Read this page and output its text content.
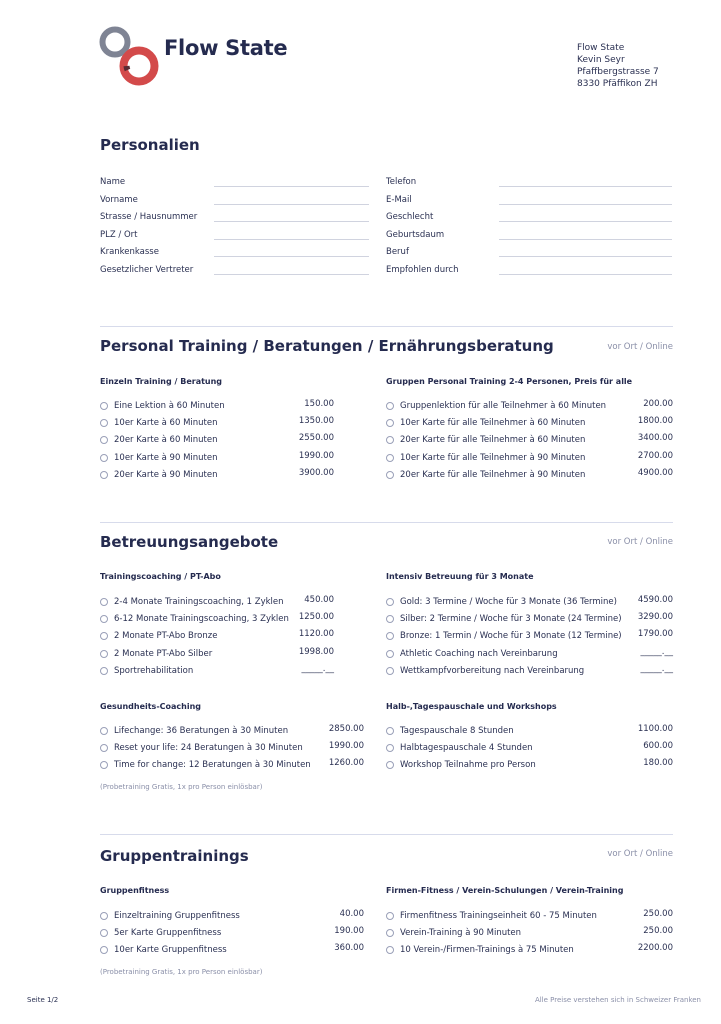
Flow State	Flow State
Kevin Seyr
Pfaffbergstrasse 7
8330 Pfäffikon ZH
Personalien
Name
Vorname
Strasse / Hausnummer
PLZ / Ort
Krankenkasse
Gesetzlicher Vertreter
Telefon
E-Mail
Geschlecht
Geburtsdaum
Beruf
Empfohlen durch
Personal Training / Beratungen / Ernährungsberatung	vor Ort / Online
Einzeln Training / Beratung
Eine Lektion à 60 Minuten	150.00
10er Karte à 60 Minuten	1350.00
20er Karte à 60 Minuten	2550.00
10er Karte à 90 Minuten	1990.00
20er Karte à 90 Minuten	3900.00
Gruppen Personal Training 2-4 Personen, Preis für alle
Gruppenlektion für alle Teilnehmer à 60 Minuten	200.00
10er Karte für alle Teilnehmer à 60 Minuten	1800.00
20er Karte für alle Teilnehmer à 60 Minuten	3400.00
10er Karte für alle Teilnehmer à 90 Minuten	2700.00
20er Karte für alle Teilnehmer à 90 Minuten	4900.00
Betreuungsangebote	vor Ort / Online
Trainingscoaching / PT-Abo
2-4 Monate Trainingscoaching, 1 Zyklen 450.00
6-12 Monate Trainingscoaching, 3 Zyklen 1250.00
2 Monate PT-Abo Bronze	1120.00
2 Monate PT-Abo Silber	1998.00
Sportrehabilitation	_____.__
Intensiv Betreuung für 3 Monate
Gold: 3 Termine / Woche für 3 Monate (36 Termine) 4590.00
Silber: 2 Termine / Woche für 3 Monate (24 Termine) 3290.00
Bronze: 1 Termin / Woche für 3 Monate (12 Termine) 1790.00
Athletic Coaching nach Vereinbarung	_____.__
Wettkampfvorbereitung nach Vereinbarung	_____.__
Gesundheits-Coaching
Lifechange: 36 Beratungen à 30 Minuten	2850.00
Reset your life: 24 Beratungen à 30 Minuten	1990.00
Time for change: 12 Beratungen à 30 Minuten 1260.00
Halb-,Tagespauschale und Workshops
Tagespauschale 8 Stunden	1100.00
Halbtagespauschale 4 Stunden	600.00
Workshop Teilnahme pro Person	180.00
(Probetraining Gratis, 1x pro Person einlösbar)
Gruppentrainings	vor Ort / Online
Gruppenfitness
Einzeltraining Gruppenfitness	40.00
5er Karte Gruppenfitness	190.00
10er Karte Gruppenfitness	360.00
Firmen-Fitness / Verein-Schulungen / Verein-Training
Firmenfitness Trainingseinheit 60 - 75 Minuten	250.00
Verein-Training à 90 Minuten	250.00
10 Verein-/Firmen-Trainings à 75 Minuten	2200.00
(Probetraining Gratis, 1x pro Person einlösbar)
Seite 1/2	Alle Preise verstehen sich in Schweizer Franken
